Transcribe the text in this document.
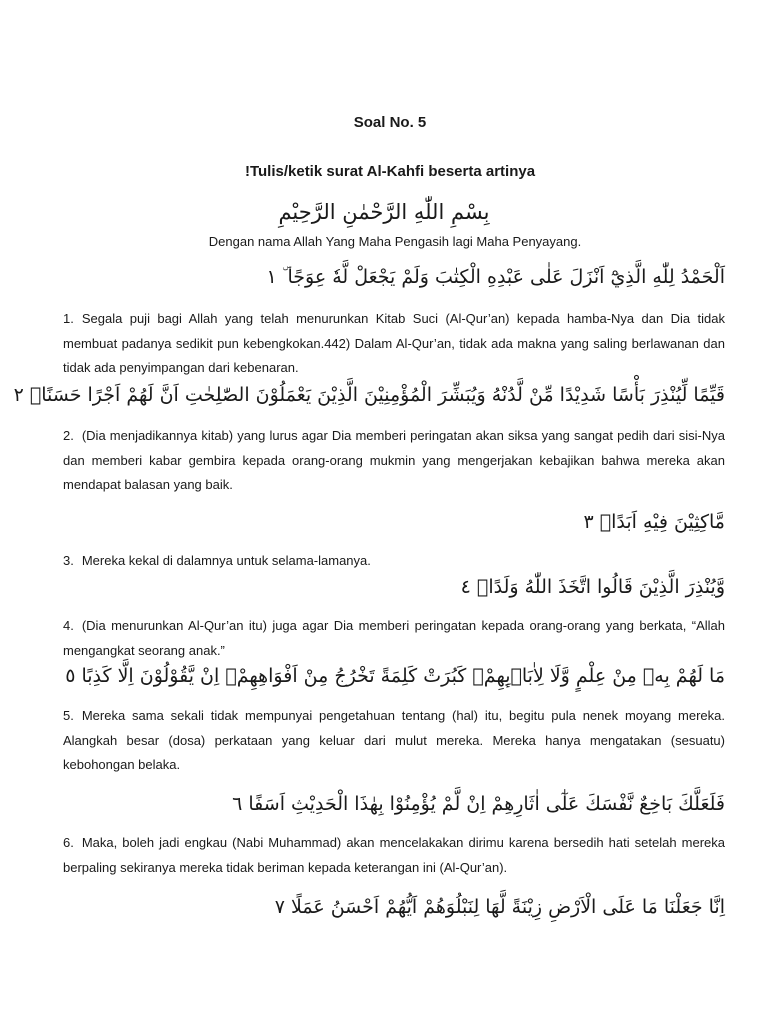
Soal No. 5
!Tulis/ketik surat Al-Kahfi beserta artinya
بِسْمِ اللّٰهِ الرَّحْمٰنِ الرَّحِيْمِ
Dengan nama Allah Yang Maha Pengasih lagi Maha Penyayang.
اَلْحَمْدُ لِلّٰهِ الَّذِيْٓ اَنْزَلَ عَلٰى عَبْدِهِ الْكِتٰبَ وَلَمْ يَجْعَلْ لَّهٗ عِوَجًا ۜ ١
1. Segala puji bagi Allah yang telah menurunkan Kitab Suci (Al-Qur’an) kepada hamba-Nya dan Dia tidak membuat padanya sedikit pun kebengkokan.442) Dalam Al-Qur’an, tidak ada makna yang saling berlawanan dan tidak ada penyimpangan dari kebenaran.
قَيِّمًا لِّيُنْذِرَ بَأْسًا شَدِيْدًا مِّنْ لَّدُنْهُ وَيُبَشِّرَ الْمُؤْمِنِيْنَ الَّذِيْنَ يَعْمَلُوْنَ الصّٰلِحٰتِ اَنَّ لَهُمْ اَجْرًا حَسَنًاۙ ٢
2. (Dia menjadikannya kitab) yang lurus agar Dia memberi peringatan akan siksa yang sangat pedih dari sisi-Nya dan memberi kabar gembira kepada orang-orang mukmin yang mengerjakan kebajikan bahwa mereka akan mendapat balasan yang baik.
مَّاكِثِيْنَ فِيْهِ اَبَدًاۙ ٣
3. Mereka kekal di dalamnya untuk selama-lamanya.
وَّيُنْذِرَ الَّذِيْنَ قَالُوا اتَّخَذَ اللّٰهُ وَلَدًاۖ ٤
4. (Dia menurunkan Al-Qur’an itu) juga agar Dia memberi peringatan kepada orang-orang yang berkata, “Allah mengangkat seorang anak.”
مَا لَهُمْ بِهٖ مِنْ عِلْمٍ وَّلَا لِاٰبَاۤىِٕهِمْۗ كَبُرَتْ كَلِمَةً تَخْرُجُ مِنْ اَفْوَاهِهِمْۗ اِنْ يَّقُوْلُوْنَ اِلَّا كَذِبًا ٥
5. Mereka sama sekali tidak mempunyai pengetahuan tentang (hal) itu, begitu pula nenek moyang mereka. Alangkah besar (dosa) perkataan yang keluar dari mulut mereka. Mereka hanya mengatakan (sesuatu) kebohongan belaka.
فَلَعَلَّكَ بَاخِعٌ نَّفْسَكَ عَلٰٓى اٰثَارِهِمْ اِنْ لَّمْ يُؤْمِنُوْا بِهٰذَا الْحَدِيْثِ اَسَفًا ٦
6. Maka, boleh jadi engkau (Nabi Muhammad) akan mencelakakan dirimu karena bersedih hati setelah mereka berpaling sekiranya mereka tidak beriman kepada keterangan ini (Al-Qur’an).
اِنَّا جَعَلْنَا مَا عَلَى الْاَرْضِ زِيْنَةً لَّهَا لِنَبْلُوَهُمْ اَيُّهُمْ اَحْسَنُ عَمَلًا ٧
